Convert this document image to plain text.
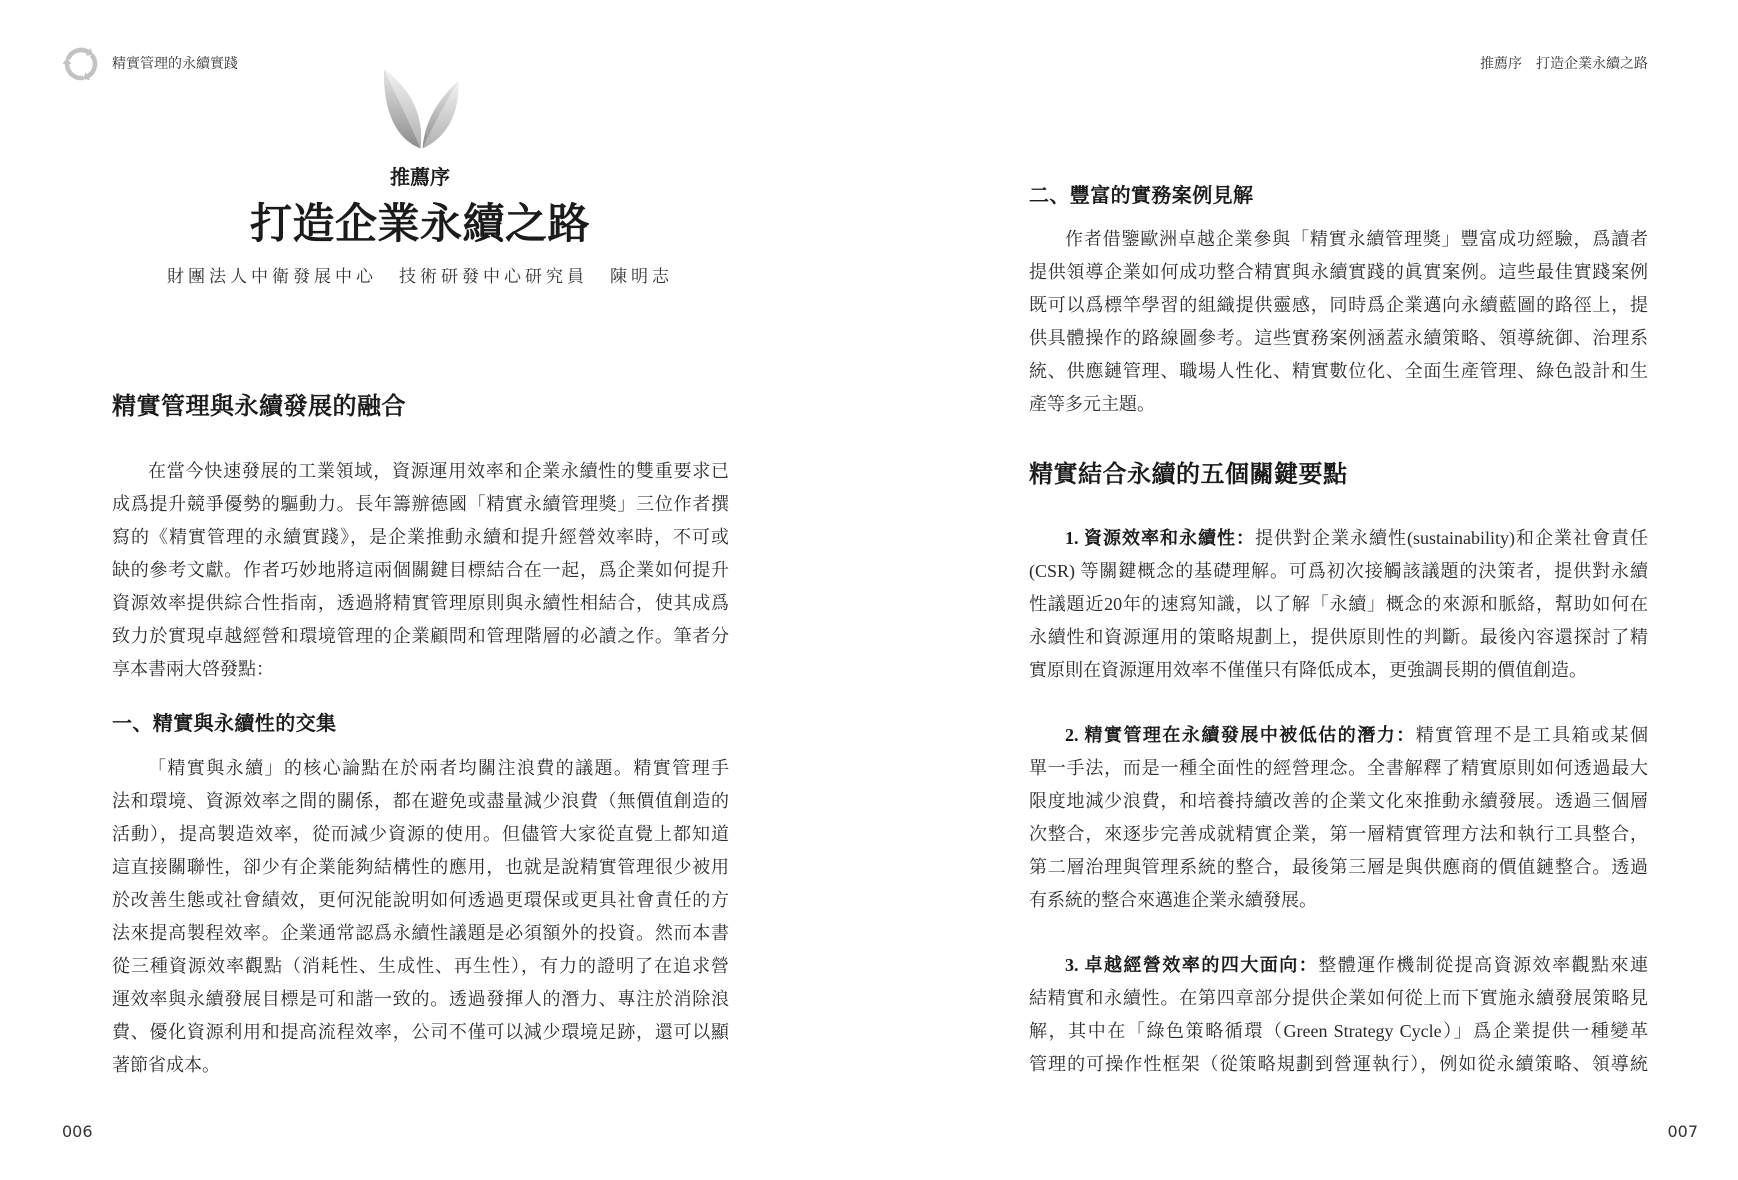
精實管理的永續實踐
推薦序
打造企業永續之路
財團法人中衛發展中心 技術研發中心研究員 陳明志
精實管理與永續發展的融合
在當今快速發展的工業領域，資源運用效率和企業永續性的雙重要求已
成爲提升競爭優勢的驅動力。長年籌辦德國「精實永續管理獎」三位作者撰
寫的《精實管理的永續實踐》，是企業推動永續和提升經營效率時，不可或
缺的參考文獻。作者巧妙地將這兩個關鍵目標結合在一起，爲企業如何提升
資源效率提供綜合性指南，透過將精實管理原則與永續性相結合，使其成爲
致力於實現卓越經營和環境管理的企業顧問和管理階層的必讀之作。筆者分
享本書兩大啓發點：
一、精實與永續性的交集
「精實與永續」的核心論點在於兩者均關注浪費的議題。精實管理手
法和環境、資源效率之間的關係，都在避免或盡量減少浪費（無價值創造的
活動），提高製造效率，從而減少資源的使用。但儘管大家從直覺上都知道
這直接關聯性，卻少有企業能夠結構性的應用，也就是說精實管理很少被用
於改善生態或社會績效，更何況能說明如何透過更環保或更具社會責任的方
法來提高製程效率。企業通常認爲永續性議題是必須額外的投資。然而本書
從三種資源效率觀點（消耗性、生成性、再生性），有力的證明了在追求營
運效率與永續發展目標是可和諧一致的。透過發揮人的潛力、專注於消除浪
費、優化資源利用和提高流程效率，公司不僅可以減少環境足跡，還可以顯
著節省成本。
006
推薦序 打造企業永續之路
二、豐富的實務案例見解
作者借鑒歐洲卓越企業參與「精實永續管理獎」豐富成功經驗，爲讀者
提供領導企業如何成功整合精實與永續實踐的眞實案例。這些最佳實踐案例
既可以爲標竿學習的組織提供靈感，同時爲企業邁向永續藍圖的路徑上，提
供具體操作的路線圖參考。這些實務案例涵蓋永續策略、領導統御、治理系
統、供應鏈管理、職場人性化、精實數位化、全面生產管理、綠色設計和生
產等多元主題。
精實結合永續的五個關鍵要點
1. 資源效率和永續性：提供對企業永續性(sustainability)和企業社會責任
(CSR) 等關鍵概念的基礎理解。可爲初次接觸該議題的決策者，提供對永續
性議題近20年的速寫知識，以了解「永續」概念的來源和脈絡，幫助如何在
永續性和資源運用的策略規劃上，提供原則性的判斷。最後內容還探討了精
實原則在資源運用效率不僅僅只有降低成本，更強調長期的價值創造。
2. 精實管理在永續發展中被低估的潛力：精實管理不是工具箱或某個
單一手法，而是一種全面性的經營理念。全書解釋了精實原則如何透過最大
限度地減少浪費，和培養持續改善的企業文化來推動永續發展。透過三個層
次整合，來逐步完善成就精實企業，第一層精實管理方法和執行工具整合，
第二層治理與管理系統的整合，最後第三層是與供應商的價值鏈整合。透過
有系統的整合來邁進企業永續發展。
3. 卓越經營效率的四大面向：整體運作機制從提高資源效率觀點來連
結精實和永續性。在第四章部分提供企業如何從上而下實施永續發展策略見
解，其中在「綠色策略循環（Green Strategy Cycle）」爲企業提供一種變革
管理的可操作性框架（從策略規劃到營運執行），例如從永續策略、領導統
007
